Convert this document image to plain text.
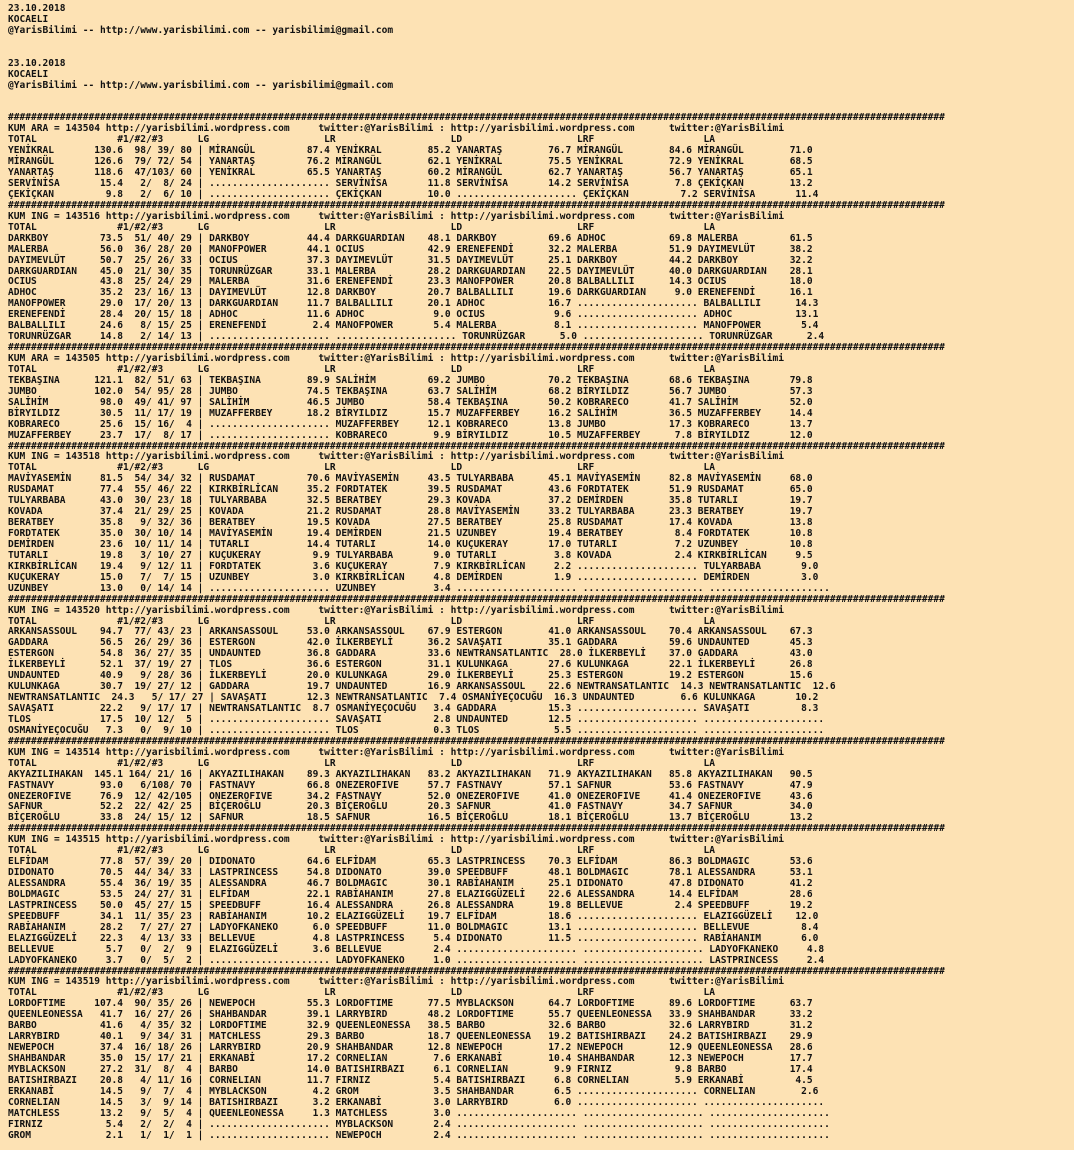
23.10.2018
KOCAELI
@YarisBilimi -- http://www.yarisbilimi.com -- yarisbilimi@gmail.com

23.10.2018
KOCAELI
@YarisBilimi -- http://www.yarisbilimi.com -- yarisbilimi@gmail.com

###################################################################################################################################################################
KUM ARA = 143504 http://yarisbilimi.wordpress.com     twitter:@YarisBilimi : http://yarisbilimi.wordpress.com      twitter:@YarisBilimi
TOTAL              #1/#2/#3      LG                    LR                    LD                    LRF                   LA
YENİKRAL       130.6  98/ 39/ 80 | MİRANGÜL         87.4 YENİKRAL        85.2 YANARTAŞ        76.7 MİRANGÜL        84.6 MİRANGÜL        71.0
MİRANGÜL       126.6  79/ 72/ 54 | YANARTAŞ         76.2 MİRANGÜL        62.1 YENİKRAL        75.5 YENİKRAL        72.9 YENİKRAL        68.5
YANARTAŞ       118.6  47/103/ 60 | YENİKRAL         65.5 YANARTAŞ        60.2 MİRANGÜL        62.7 YANARTAŞ        56.7 YANARTAŞ        65.1
SERVİNİSA       15.4   2/  8/ 24 | ..................... SERVİNİSA       11.8 SERVİNİSA       14.2 SERVİNİSA        7.8 ÇEKİÇKAN        13.2
ÇEKİÇKAN         9.8   2/  6/ 10 | ..................... ÇEKİÇKAN        10.0 ..................... ÇEKİÇKAN         7.2 SERVİNİSA       11.4
###################################################################################################################################################################
KUM ING = 143516 http://yarisbilimi.wordpress.com     twitter:@YarisBilimi : http://yarisbilimi.wordpress.com      twitter:@YarisBilimi
TOTAL              #1/#2/#3      LG                    LR                    LD                    LRF                   LA
DARKBOY         73.5  51/ 40/ 29 | DARKBOY          44.4 DARKGUARDIAN    48.1 DARKBOY         69.6 ADHOC           69.8 MALERBA         61.5
MALERBA         56.0  36/ 28/ 20 | MANOFPOWER       44.1 OCIUS           42.9 ERENEFENDİ      32.2 MALERBA         51.9 DAYIMEVLÜT      38.2
DAYIMEVLÜT      50.7  25/ 26/ 33 | OCIUS            37.3 DAYIMEVLÜT      31.5 DAYIMEVLÜT      25.1 DARKBOY         44.2 DARKBOY         32.2
DARKGUARDIAN    45.0  21/ 30/ 35 | TORUNRÜZGAR      33.1 MALERBA         28.2 DARKGUARDIAN    22.5 DAYIMEVLÜT      40.0 DARKGUARDIAN    28.1
OCIUS           43.8  25/ 24/ 29 | MALERBA          31.6 ERENEFENDİ      23.3 MANOFPOWER      20.8 BALBALLILI      14.3 OCIUS           18.0
ADHOC           35.2  23/ 16/ 13 | DAYIMEVLÜT       12.8 DARKBOY         20.7 BALBALLILI      19.6 DARKGUARDIAN     9.0 ERENEFENDİ      16.1
MANOFPOWER      29.0  17/ 20/ 13 | DARKGUARDIAN     11.7 BALBALLILI      20.1 ADHOC           16.7 ..................... BALBALLILI      14.3
ERENEFENDİ      28.4  20/ 15/ 18 | ADHOC            11.6 ADHOC            9.0 OCIUS            9.6 ..................... ADHOC           13.1
BALBALLILI      24.6   8/ 15/ 25 | ERENEFENDİ        2.4 MANOFPOWER       5.4 MALERBA          8.1 ..................... MANOFPOWER       5.4
TORUNRÜZGAR     14.8   2/ 14/ 13 | ..................... ..................... TORUNRÜZGAR      5.0 ..................... TORUNRÜZGAR      2.4
###################################################################################################################################################################
KUM ARA = 143505 http://yarisbilimi.wordpress.com     twitter:@YarisBilimi : http://yarisbilimi.wordpress.com      twitter:@YarisBilimi
TOTAL              #1/#2/#3      LG                    LR                    LD                    LRF                   LA
TEKBAŞINA      121.1  82/ 51/ 63 | TEKBAŞINA        89.9 SALİHİM         69.2 JUMBO           70.2 TEKBAŞINA       68.6 TEKBAŞINA       79.8
JUMBO          102.0  54/ 95/ 28 | JUMBO            74.5 TEKBAŞINA       63.7 SALİHİM         68.2 BİRYILDIZ       56.7 JUMBO           57.3
SALİHİM         98.0  49/ 41/ 97 | SALİHİM          46.5 JUMBO           58.4 TEKBAŞINA       50.2 KOBRARECO       41.7 SALİHİM         52.0
BİRYILDIZ       30.5  11/ 17/ 19 | MUZAFFERBEY      18.2 BİRYILDIZ       15.7 MUZAFFERBEY     16.2 SALİHİM         36.5 MUZAFFERBEY     14.4
KOBRARECO       25.6  15/ 16/  4 | ..................... MUZAFFERBEY     12.1 KOBRARECO       13.8 JUMBO           17.3 KOBRARECO       13.7
MUZAFFERBEY     23.7  17/  8/ 17 | ..................... KOBRARECO        9.9 BİRYILDIZ       10.5 MUZAFFERBEY      7.8 BİRYILDIZ       12.0
###################################################################################################################################################################
KUM ING = 143518 http://yarisbilimi.wordpress.com     twitter:@YarisBilimi : http://yarisbilimi.wordpress.com      twitter:@YarisBilimi
TOTAL              #1/#2/#3      LG                    LR                    LD                    LRF                   LA
MAVİYASEMİN     81.5  54/ 34/ 32 | RUSDAMAT         70.6 MAVİYASEMİN     43.5 TULYARBABA      45.1 MAVİYASEMİN     82.8 MAVİYASEMİN     68.0
RUSDAMAT        77.4  55/ 46/ 22 | KIRKBİRLİCAN     35.2 FORDTATEK       39.5 RUSDAMAT        43.6 FORDTATEK       51.9 RUSDAMAT        65.0
TULYARBABA      43.0  30/ 23/ 18 | TULYARBABA       32.5 BERATBEY        29.3 KOVADA          37.2 DEMİRDEN        35.8 TUTARLI         19.7
KOVADA          37.4  21/ 29/ 25 | KOVADA           21.2 RUSDAMAT        28.8 MAVİYASEMİN     33.2 TULYARBABA      23.3 BERATBEY        19.7
BERATBEY        35.8   9/ 32/ 36 | BERATBEY         19.5 KOVADA          27.5 BERATBEY        25.8 RUSDAMAT        17.4 KOVADA          13.8
FORDTATEK       35.0  30/ 10/ 14 | MAVİYASEMİN      19.4 DEMİRDEN        21.5 UZUNBEY         19.4 BERATBEY         8.4 FORDTATEK       10.8
DEMİRDEN        23.6  10/ 11/ 14 | TUTARLI          14.4 TUTARLI         14.0 KUÇUKERAY       17.0 TUTARLI          7.2 UZUNBEY         10.8
TUTARLI         19.8   3/ 10/ 27 | KUÇUKERAY         9.9 TULYARBABA       9.0 TUTARLI          3.8 KOVADA           2.4 KIRKBİRLİCAN     9.5
KIRKBİRLİCAN    19.4   9/ 12/ 11 | FORDTATEK         3.6 KUÇUKERAY        7.9 KIRKBİRLİCAN     2.2 ..................... TULYARBABA       9.0
KUÇUKERAY       15.0   7/  7/ 15 | UZUNBEY           3.0 KIRKBİRLİCAN     4.8 DEMİRDEN         1.9 ..................... DEMİRDEN         3.0
UZUNBEY         13.0   0/ 14/ 14 | ..................... UZUNBEY          3.4 ..................... ..................... .....................
###################################################################################################################################################################
KUM ING = 143520 http://yarisbilimi.wordpress.com     twitter:@YarisBilimi : http://yarisbilimi.wordpress.com      twitter:@YarisBilimi
TOTAL              #1/#2/#3      LG                    LR                    LD                    LRF                   LA
ARKANSASSOUL    94.7  77/ 43/ 23 | ARKANSASSOUL     53.0 ARKANSASSOUL    67.9 ESTERGON        41.0 ARKANSASSOUL    70.4 ARKANSASSOUL    67.3
GADDARA         56.5  26/ 29/ 36 | ESTERGON         42.0 İLKERBEYLİ      36.2 SAVAŞATI        35.1 GADDARA         59.6 UNDAUNTED       45.3
ESTERGON        54.8  36/ 27/ 35 | UNDAUNTED        36.8 GADDARA         33.6 NEWTRANSATLANTIC  28.0 İLKERBEYLİ    37.0 GADDARA         43.0
İLKERBEYLİ      52.1  37/ 19/ 27 | TLOS             36.6 ESTERGON        31.1 KULUNKAGA       27.6 KULUNKAGA       22.1 İLKERBEYLİ      26.8
UNDAUNTED       40.9   9/ 28/ 36 | İLKERBEYLİ       20.0 KULUNKAGA       29.0 İLKERBEYLİ      25.3 ESTERGON        19.2 ESTERGON        15.6
KULUNKAGA       30.7  19/ 27/ 12 | GADDARA          19.7 UNDAUNTED       16.9 ARKANSASSOUL    22.6 NEWTRANSATLANTIC  14.3 NEWTRANSATLANTIC  12.6
NEWTRANSATLANTIC  24.3   5/ 17/ 27 | SAVAŞATI       12.3 NEWTRANSATLANTIC  7.4 OSMANİYEÇOCUĞU  16.3 UNDAUNTED        6.6 KULUNKAGA       10.2
SAVAŞATI        22.2   9/ 17/ 17 | NEWTRANSATLANTIC  8.7 OSMANİYEÇOCUĞU   3.4 GADDARA         15.3 ..................... SAVAŞATI         8.3
TLOS            17.5  10/ 12/  5 | ..................... SAVAŞATI         2.8 UNDAUNTED       12.5 ..................... .....................
OSMANİYEÇOCUĞU   7.3   0/  9/ 10 | ..................... TLOS             0.3 TLOS             5.5 ..................... .....................
###################################################################################################################################################################
KUM ING = 143514 http://yarisbilimi.wordpress.com     twitter:@YarisBilimi : http://yarisbilimi.wordpress.com      twitter:@YarisBilimi
TOTAL              #1/#2/#3      LG                    LR                    LD                    LRF                   LA
AKYAZILIHAKAN  145.1 164/ 21/ 16 | AKYAZILIHAKAN    89.3 AKYAZILIHAKAN   83.2 AKYAZILIHAKAN   71.9 AKYAZILIHAKAN   85.8 AKYAZILIHAKAN   90.5
FASTNAVY        93.0   6/108/ 70 | FASTNAVY         66.8 ONEZEROFIVE     57.7 FASTNAVY        57.1 SAFNUR          53.6 FASTNAVY        47.9
ONEZEROFIVE     76.9  12/ 42/105 | ONEZEROFIVE      34.2 FASTNAVY        52.0 ONEZEROFIVE     41.0 ONEZEROFIVE     41.4 ONEZEROFIVE     43.6
SAFNUR          52.2  22/ 42/ 25 | BİÇEROĞLU        20.3 BİÇEROĞLU       20.3 SAFNUR          41.0 FASTNAVY        34.7 SAFNUR          34.0
BİÇEROĞLU       33.8  24/ 15/ 12 | SAFNUR           18.5 SAFNUR          16.5 BİÇEROĞLU       18.1 BİÇEROĞLU       13.7 BİÇEROĞLU       13.2
###################################################################################################################################################################
KUM ING = 143515 http://yarisbilimi.wordpress.com     twitter:@YarisBilimi : http://yarisbilimi.wordpress.com      twitter:@YarisBilimi
TOTAL              #1/#2/#3      LG                    LR                    LD                    LRF                   LA
ELFİDAM         77.8  57/ 39/ 20 | DIDONATO         64.6 ELFİDAM         65.3 LASTPRINCESS    70.3 ELFİDAM         86.3 BOLDMAGIC       53.6
DIDONATO        70.5  44/ 34/ 33 | LASTPRINCESS     54.8 DIDONATO        39.0 SPEEDBUFF       48.1 BOLDMAGIC       78.1 ALESSANDRA      53.1
ALESSANDRA      55.4  36/ 19/ 35 | ALESSANDRA       46.7 BOLDMAGIC       30.1 RABİAHANIM      25.1 DIDONATO        47.8 DIDONATO        41.2
BOLDMAGIC       53.5  24/ 27/ 31 | ELFİDAM          22.1 RABİAHANIM      27.8 ELAZIGGÜZELİ    22.6 ALESSANDRA      14.4 ELFİDAM         28.6
LASTPRINCESS    50.0  45/ 27/ 15 | SPEEDBUFF        16.4 ALESSANDRA      26.8 ALESSANDRA      19.8 BELLEVUE         2.4 SPEEDBUFF       19.2
SPEEDBUFF       34.1  11/ 35/ 23 | RABİAHANIM       10.2 ELAZIGGÜZELİ    19.7 ELFİDAM         18.6 ..................... ELAZIGGÜZELİ    12.0
RABİAHANIM      28.2   7/ 27/ 27 | LADYOFKANEKO      6.0 SPEEDBUFF       11.0 BOLDMAGIC       13.1 ..................... BELLEVUE         8.4
ELAZIGGÜZELİ    22.3   4/ 13/ 33 | BELLEVUE          4.8 LASTPRINCESS     5.4 DIDONATO        11.5 ..................... RABİAHANIM       6.0
BELLEVUE         5.7   0/  2/  9 | ELAZIGGÜZELİ      3.6 BELLEVUE         2.4 ..................... ..................... LADYOFKANEKO     4.8
LADYOFKANEKO     3.7   0/  5/  2 | ..................... LADYOFKANEKO     1.0 ..................... ..................... LASTPRINCESS     2.4
###################################################################################################################################################################
KUM ING = 143519 http://yarisbilimi.wordpress.com     twitter:@YarisBilimi : http://yarisbilimi.wordpress.com      twitter:@YarisBilimi
TOTAL              #1/#2/#3      LG                    LR                    LD                    LRF                   LA
LORDOFTIME     107.4  90/ 35/ 26 | NEWEPOCH         55.3 LORDOFTIME      77.5 MYBLACKSON      64.7 LORDOFTIME      89.6 LORDOFTIME      63.7
QUEENLEONESSA   41.7  16/ 27/ 26 | SHAHBANDAR       39.1 LARRYBIRD       48.2 LORDOFTIME      55.7 QUEENLEONESSA   33.9 SHAHBANDAR      33.2
BARBO           41.6   4/ 35/ 32 | LORDOFTIME       32.9 QUEENLEONESSA   38.5 BARBO           32.6 BARBO           32.6 LARRYBIRD       31.2
LARRYBIRD       40.1   9/ 34/ 31 | MATCHLESS        29.3 BARBO           18.7 QUEENLEONESSA   19.2 BATISHIRBAZI    24.2 BATISHIRBAZI    29.9
NEWEPOCH        37.4  16/ 18/ 26 | LARRYBIRD        20.9 SHAHBANDAR      12.8 NEWEPOCH        17.2 NEWEPOCH        12.9 QUEENLEONESSA   28.6
SHAHBANDAR      35.0  15/ 17/ 21 | ERKANABİ         17.2 CORNELIAN        7.6 ERKANABİ        10.4 SHAHBANDAR      12.3 NEWEPOCH        17.7
MYBLACKSON      27.2  31/  8/  4 | BARBO            14.0 BATISHIRBAZI     6.1 CORNELIAN        9.9 FIRNIZ           9.8 BARBO           17.4
BATISHIRBAZI    20.8   4/ 11/ 16 | CORNELIAN        11.7 FIRNIZ           5.4 BATISHIRBAZI     6.8 CORNELIAN        5.9 ERKANABİ         4.5
ERKANABİ        14.5   9/  7/  4 | MYBLACKSON        4.2 GROM             3.5 SHAHBANDAR       6.5 ..................... CORNELIAN        2.6
CORNELIAN       14.5   3/  9/ 14 | BATISHIRBAZI      3.2 ERKANABİ         3.0 LARRYBIRD        6.0 ..................... .....................
MATCHLESS       13.2   9/  5/  4 | QUEENLEONESSA     1.3 MATCHLESS        3.0 ..................... ..................... .....................
FIRNIZ           5.4   2/  2/  4 | ..................... MYBLACKSON       2.4 ..................... ..................... .....................
GROM             2.1   1/  1/  1 | ..................... NEWEPOCH         2.4 ..................... ..................... .....................
